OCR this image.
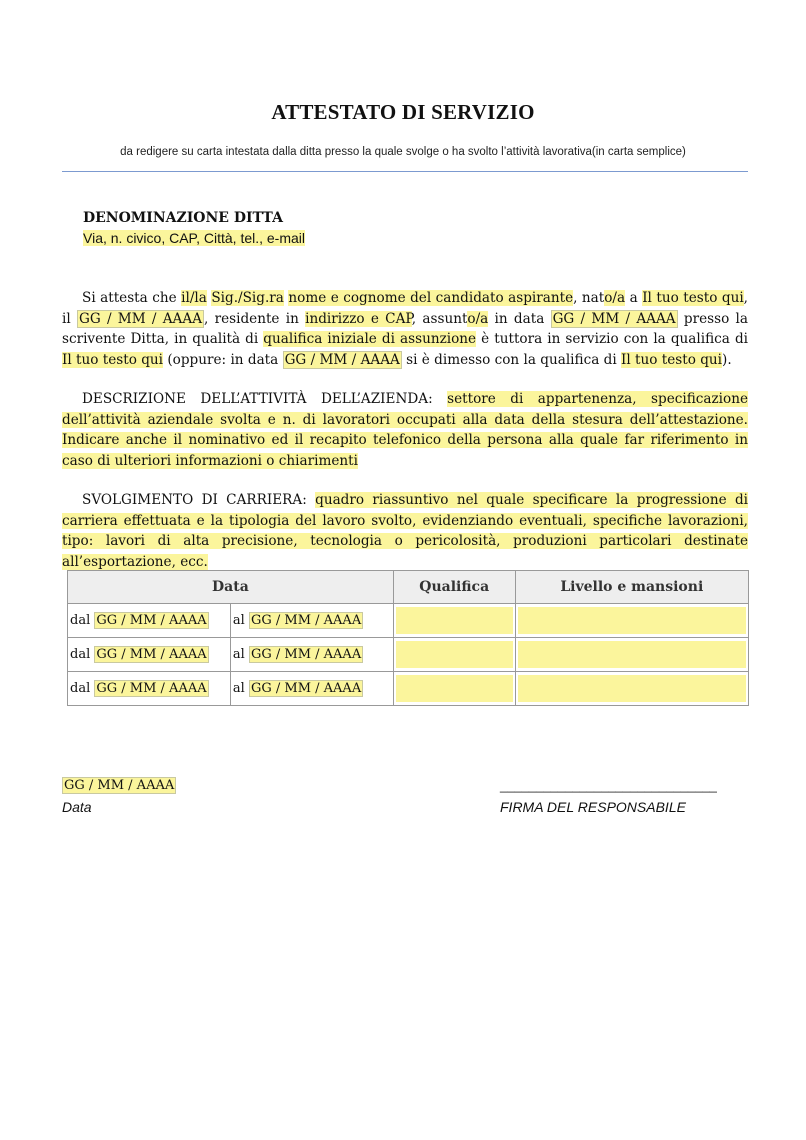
ATTESTATO DI SERVIZIO
da redigere su carta intestata dalla ditta presso la quale svolge o ha svolto l’attività lavorativa(in carta semplice)
DENOMINAZIONE DITTA
Via, n. civico, CAP, Città, tel., e-mail
Si attesta che il/la Sig./Sig.ra nome e cognome del candidato aspirante, nato/a a Il tuo testo qui, il GG / MM / AAAA , residente in indirizzo e CAP, assunto/a in data GG / MM / AAAA presso la scrivente Ditta, in qualità di qualifica iniziale di assunzione è tuttora in servizio con la qualifica di Il tuo testo qui (oppure: in data GG / MM / AAAA si è dimesso con la qualifica di Il tuo testo qui).
DESCRIZIONE DELL’ATTIVITÀ DELL’AZIENDA: settore di appartenenza, specificazione dell’attività aziendale svolta e n. di lavoratori occupati alla data della stesura dell’attestazione. Indicare anche il nominativo ed il recapito telefonico della persona alla quale far riferimento in caso di ulteriori informazioni o chiarimenti
SVOLGIMENTO DI CARRIERA: quadro riassuntivo nel quale specificare la progressione di carriera effettuata e la tipologia del lavoro svolto, evidenziando eventuali, specifiche lavorazioni, tipo: lavori di alta precisione, tecnologia o pericolosità, produzioni particolari destinate all’esportazione, ecc.
Data		Qualifica	Livello e mansioni
dal GG / MM / AAAA	al GG / MM / AAAA	

dal GG / MM / AAAA	al GG / MM / AAAA	

dal GG / MM / AAAA	al GG / MM / AAAA	

GG / MM / AAAA
Data
______________________________
FIRMA DEL RESPONSABILE
